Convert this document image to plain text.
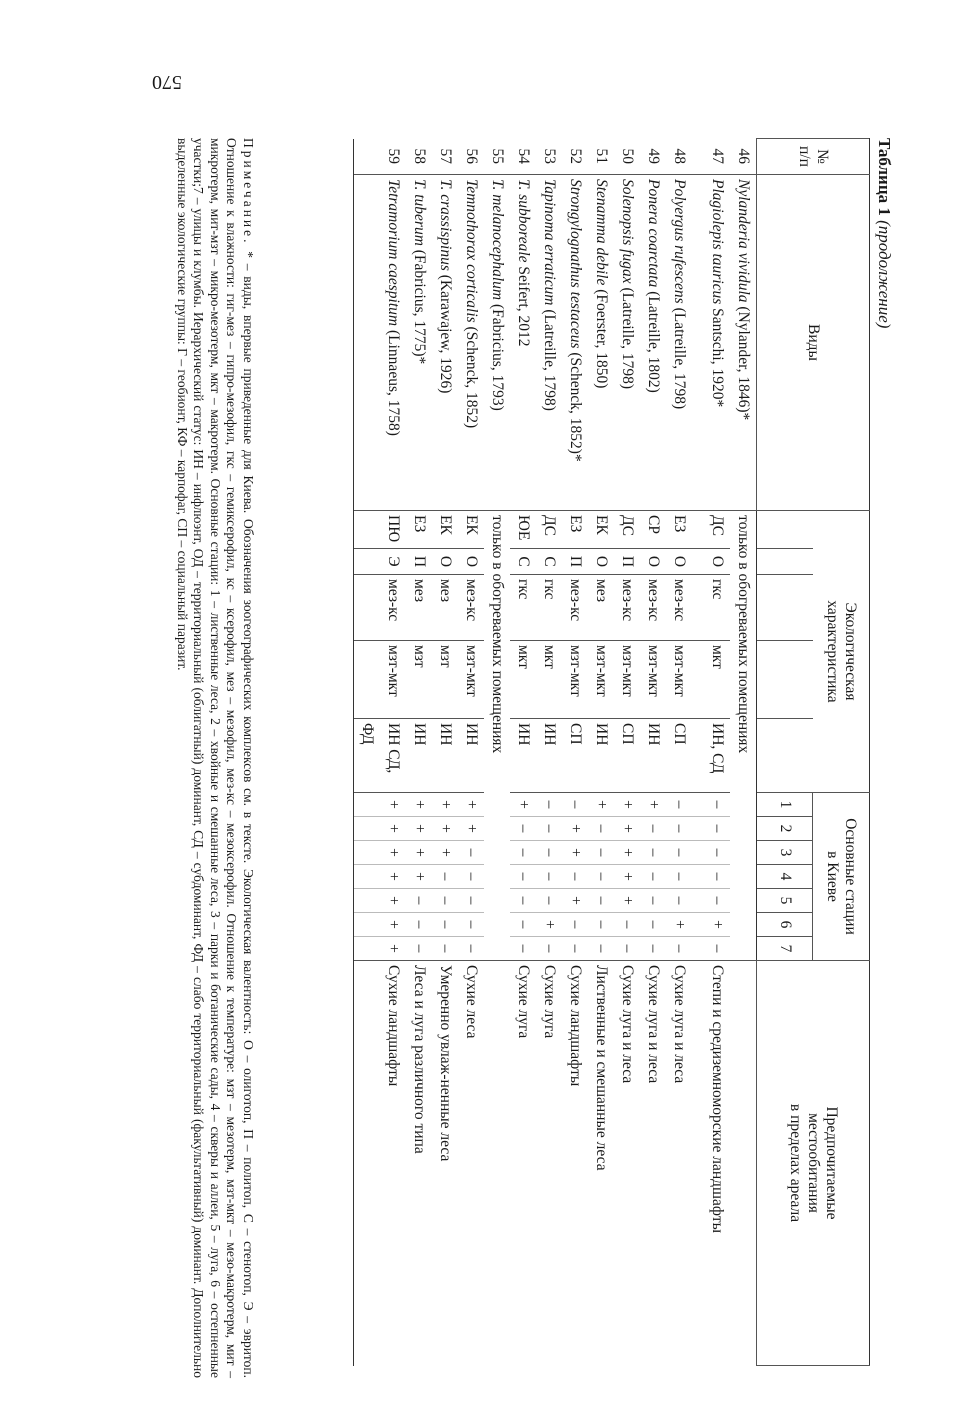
570
Таблица 1 (продолжение)
№
п/п	Виды	Экологическая
характеристика					Основные стации
в Киеве							Предпочитаемые
местообитания
в пределах ареала
							1	2	3	4	5	6	7	
46	Nylanderia vividula (Nylander, 1846)*	только в обогреваемых помещениях												
47	Plagiolepis tauricus Santschi, 1920*	ДС	О	гкс	мкт	ИН, СД	–	–	–	–	–	+	–	Степи и средиземноморские ландшафты

48	Polyergus rufescens (Latreille, 1798)	ЕЗ	О	мез-кс	мзт-мкт	СП	–	–	–	–	–	+	–	Сухие луга и леса
49	Ponera coarctata (Latreille, 1802)	СР	О	мез-кс	мзт-мкт	ИН	+	–	–	–	–	–	–	Сухие луга и леса
50	Solenopsis fugax (Latreille, 1798)	ДС	П	мез-кс	мзт-мкт	СП	+	+	+	+	+	–	–	Сухие луга и леса
51	Stenamma debile (Foerster, 1850)	ЕК	О	мез	мзт-мкт	ИН	+	–	–	–	–	–	–	Лиственные и смешанные леса
52	Strongylognathus testaceus (Schenck, 1852)*	ЕЗ	П	мез-кс	мзт-мкт	СП	–	+	+	–	+	–	–	Сухие ландшафты
53	Tapinoma erraticum (Latreille, 1798)	ДС	С	гкс	мкт	ИН	–	–	–	–	–	+	–	Сухие луга
54	T. subboreale Seifert, 2012	ЮЕ	С	гкс	мкт	ИН	+	–	–	–	–	–	–	Сухие луга
55	T. melanocephalum (Fabricius, 1793)	только в обогреваемых помещениях												
56	Temnothorax corticalis (Schenck, 1852)	ЕК	О	мез-кс	мзт-мкт	ИН	+	+	–	–	–	–	–	Сухие леса
57	T. crassispinus (Karawajew, 1926)	ЕК	О	мез	мзт	ИН	+	+	+	–	–	–	–	Умеренно увлаж-ненные леса
58	T. tuberum (Fabricius, 1775)*	ЕЗ	П	мез	мзт	ИН	+	+	+	+	–	–	–	Леса и луга различного типа
59	Tetramorium caespitum (Linnaeus, 1758)	ПЮ	Э	мез-кс	мзт-мкт	ИН СД, ФД	+	+	+	+	+	+	+	Сухие ландшафты
Примечание. * – виды, впервые приведенные для Киева. Обозначения зоогеографических комплексов см. в тексте. Экологическая валентность: О – олиготоп, П – политоп, С – стенотоп, Э – эвритоп. Отношение к влажности: гиг-мез – гипро-мезофил, гкс – гемиксерофил, кс – ксерофил, мез – мезофил, мез-кс – мезоксерофил. Отношение к температуре: мзт – мезотерм, мзт-мкт – мезо-макротерм, мит – микротерм, мит-мзт – микро-мезотерм, мкт – макротерм. Основные стации: 1 – лиственные леса, 2 – хвойные и смешанные леса, 3 – парки и ботанические сады, 4 – скверы и аллеи, 5 – луга, 6 – остепненные участки;7 – улицы и клумбы. Иерархический статус: ИН – инфлюэнт, ОД – территориальный (облигатный) доминант, СД – субдоминант, ФД – слабо территориальный (факультативный) доминант. Дополнительно выделенные экологические группы: Г – геобионт, КФ – карпофаг, СП – социальный паразит.
